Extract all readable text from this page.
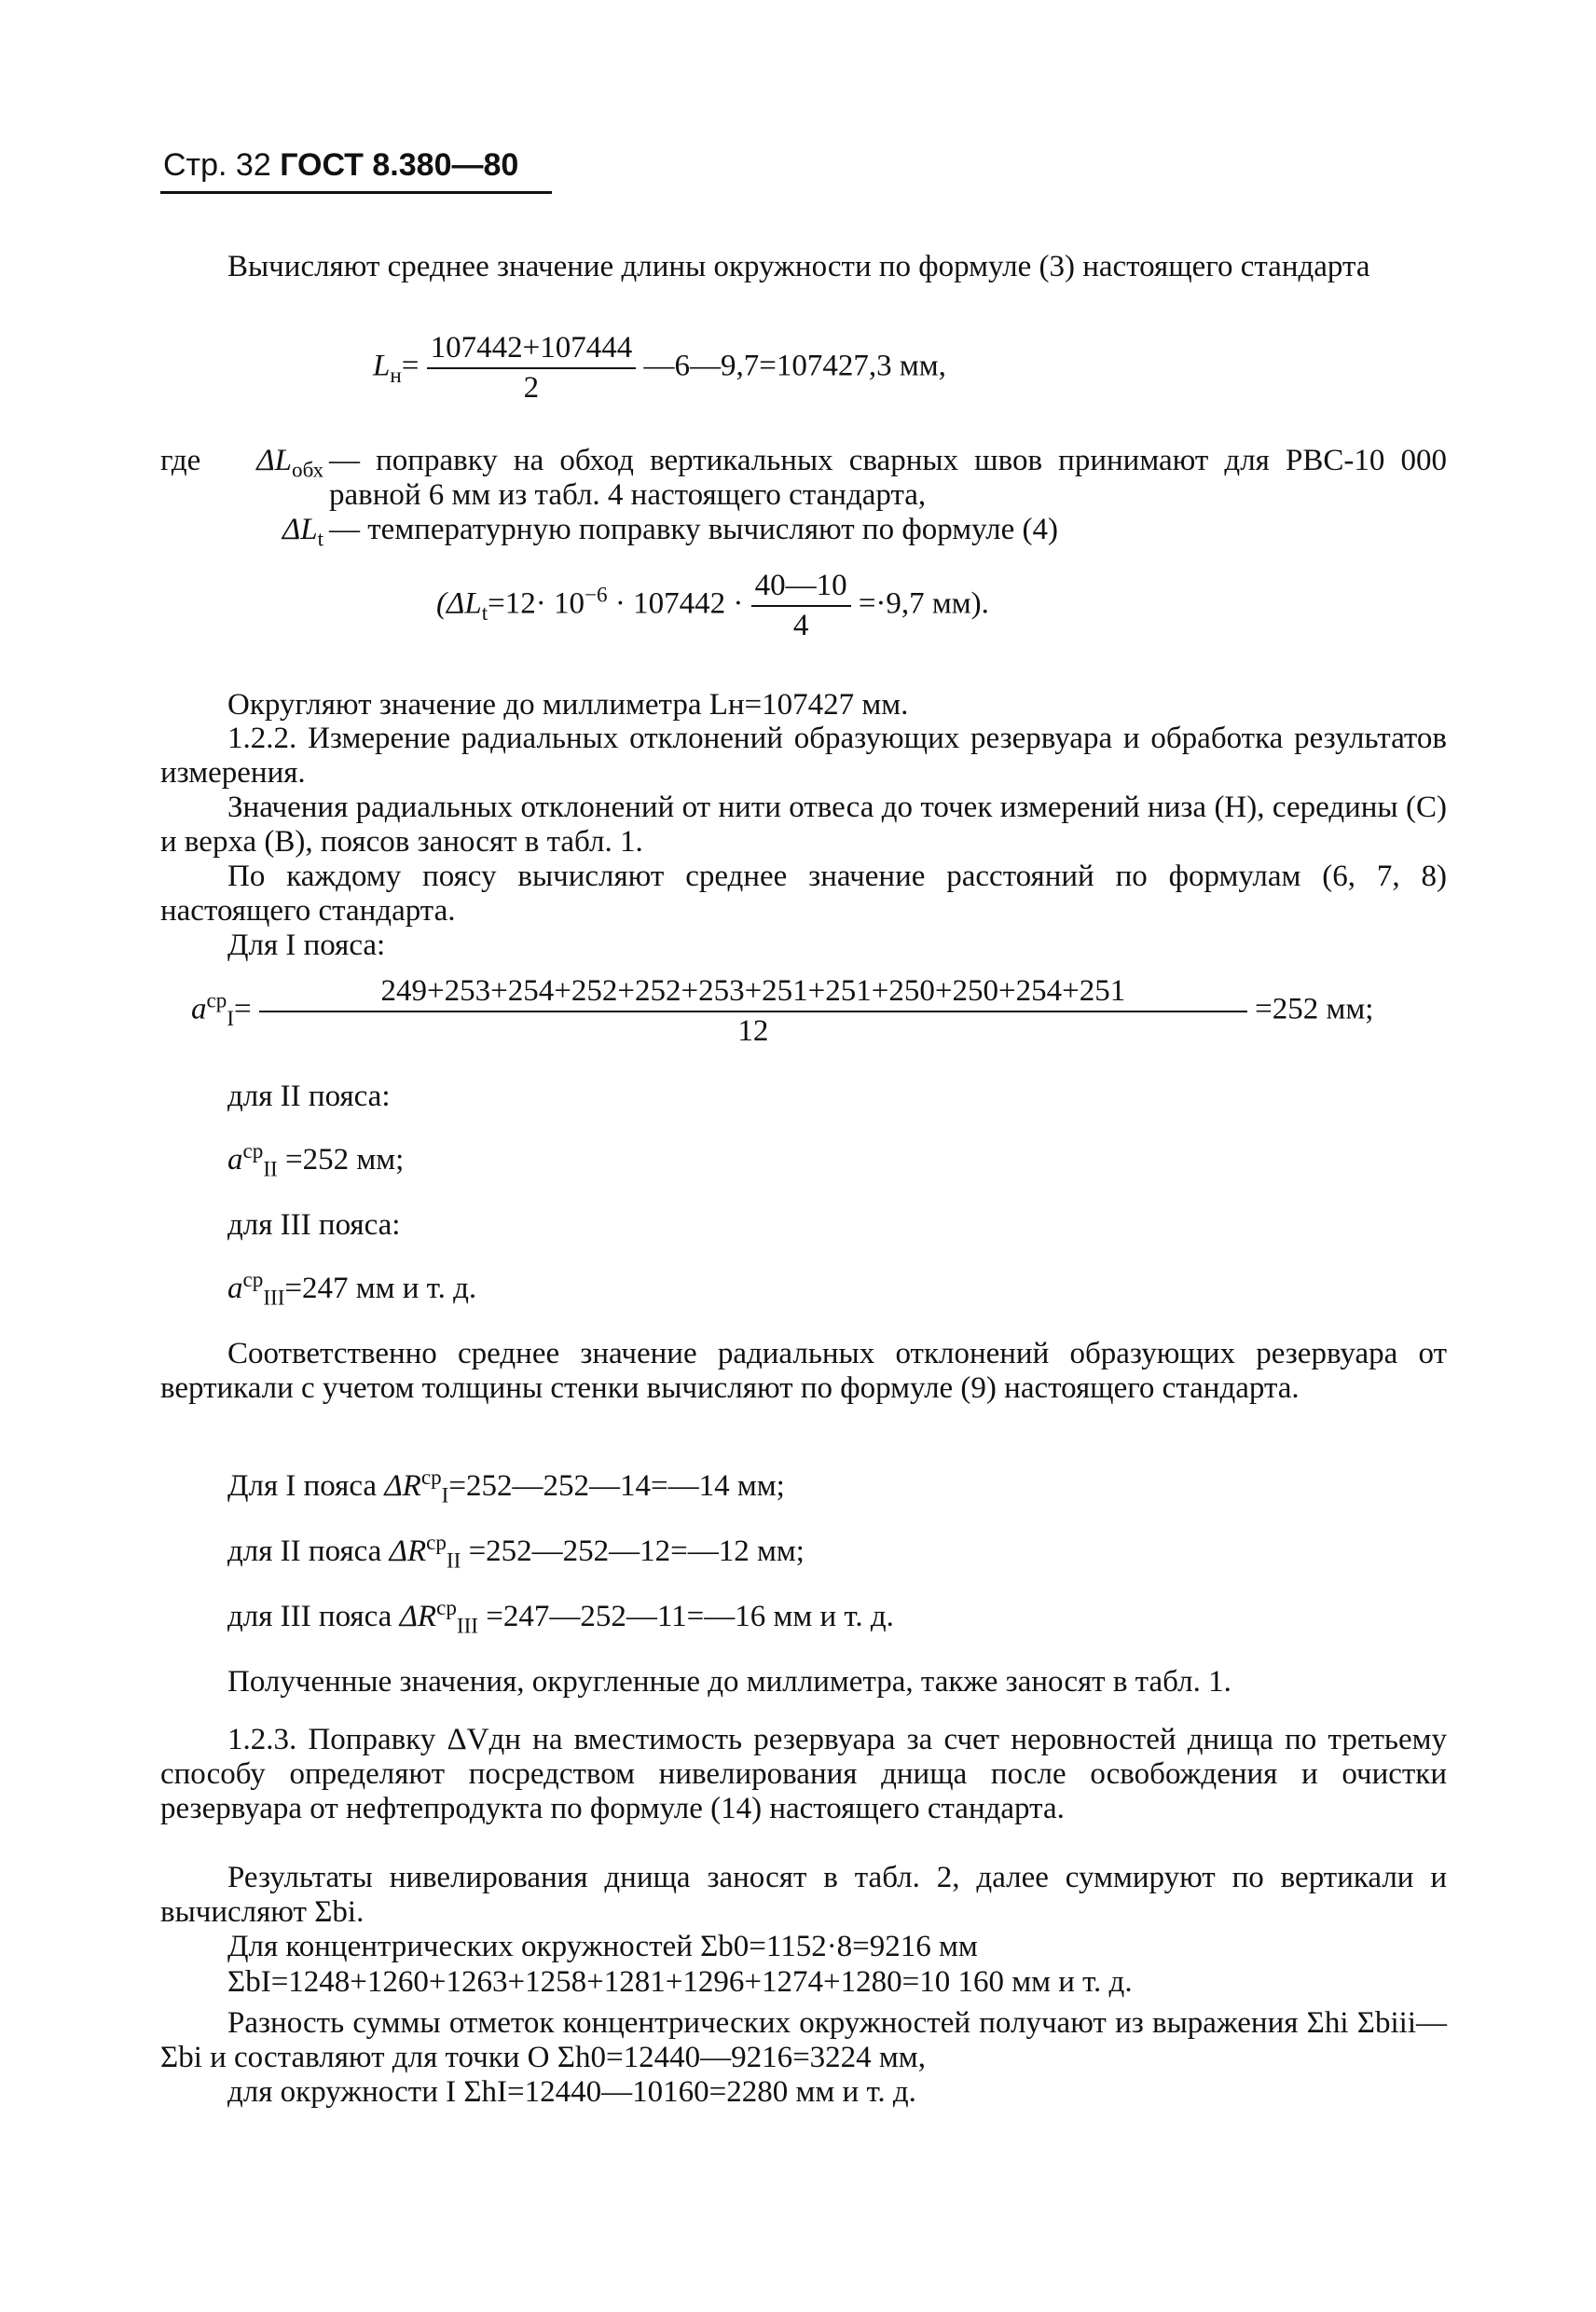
Стр. 32 ГОСТ 8.380—80
Вычисляют среднее значение длины окружности по формуле (3) настоящего стандарта
$L_н= \frac{107442+107444}{2}$ —6—9,7=107427,3 мм,
где	$\Delta L_{обх}$	— поправку на обход вертикальных сварных швов принимают для РВС-10 000 равной 6 мм из табл. 4 настоящего стандарта,
	$\Delta L_t$	— температурную поправку вычисляют по формуле (4)
($\Delta L_t=12\cdot 10^{-6} \cdot 107442 \cdot \frac{40—10}{4} =\cdot 9,7$ мм).
Округляют значение до миллиметра Lн=107427 мм.
1.2.2. Измерение радиальных отклонений образующих резервуара и обработка результатов измерения.
Значения радиальных отклонений от нити отвеса до точек измерений низа (Н), середины (С) и верха (В), поясов заносят в табл. 1.
По каждому поясу вычисляют среднее значение расстояний по формулам (6, 7, 8) настоящего стандарта.
Для I пояса:
$a^{ср}_I= \frac{249+253+254+252+252+253+251+251+250+250+254+251}{12} =252$ мм;
для II пояса:
$a^{ср}_{II} =252$ мм;
для III пояса:
$a^{ср}_{III}=247$ мм и т. д.
Соответственно среднее значение радиальных отклонений образующих резервуара от вертикали с учетом толщины стенки вычисляют по формуле (9) настоящего стандарта.
Для I пояса $\Delta R^{ср}_I=252—252—14=—14$ мм;
для II пояса $\Delta R^{ср}_{II}$ =252—252—12=—12 мм;
для III пояса $\Delta R^{ср}_{III}$ =247—252—11=—16 мм и т. д.
Полученные значения, округленные до миллиметра, также заносят в табл. 1.
1.2.3. Поправку ΔVдн на вместимость резервуара за счет неровностей днища по третьему способу определяют посредством нивелирования днища после освобождения и очистки резервуара от нефтепродукта по формуле (14) настоящего стандарта.
Результаты нивелирования днища заносят в табл. 2, далее суммируют по вертикали и вычисляют Σbi.
Для концентрических окружностей Σb0=1152·8=9216 мм
ΣbI=1248+1260+1263+1258+1281+1296+1274+1280=10 160 мм и т. д.
Разность суммы отметок концентрических окружностей получают из выражения Σhi Σbiii—Σbi и составляют для точки О Σh0=12440—9216=3224 мм,
для окружности I ΣhI=12440—10160=2280 мм и т. д.
